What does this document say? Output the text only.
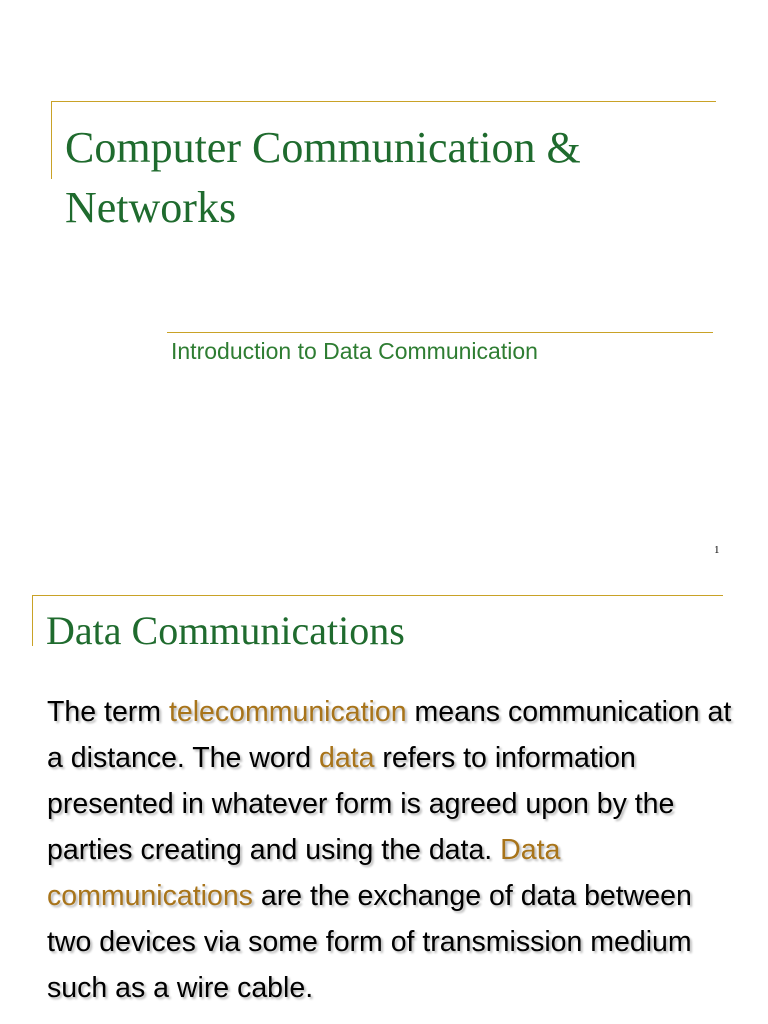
Computer Communication & Networks

Introduction to Data Communication

1
Data Communications

The term telecommunication means communication at a distance. The word data refers to information presented in whatever form is agreed upon by the parties creating and using the data. Data communications are the exchange of data between two devices via some form of transmission medium such as a wire cable.
